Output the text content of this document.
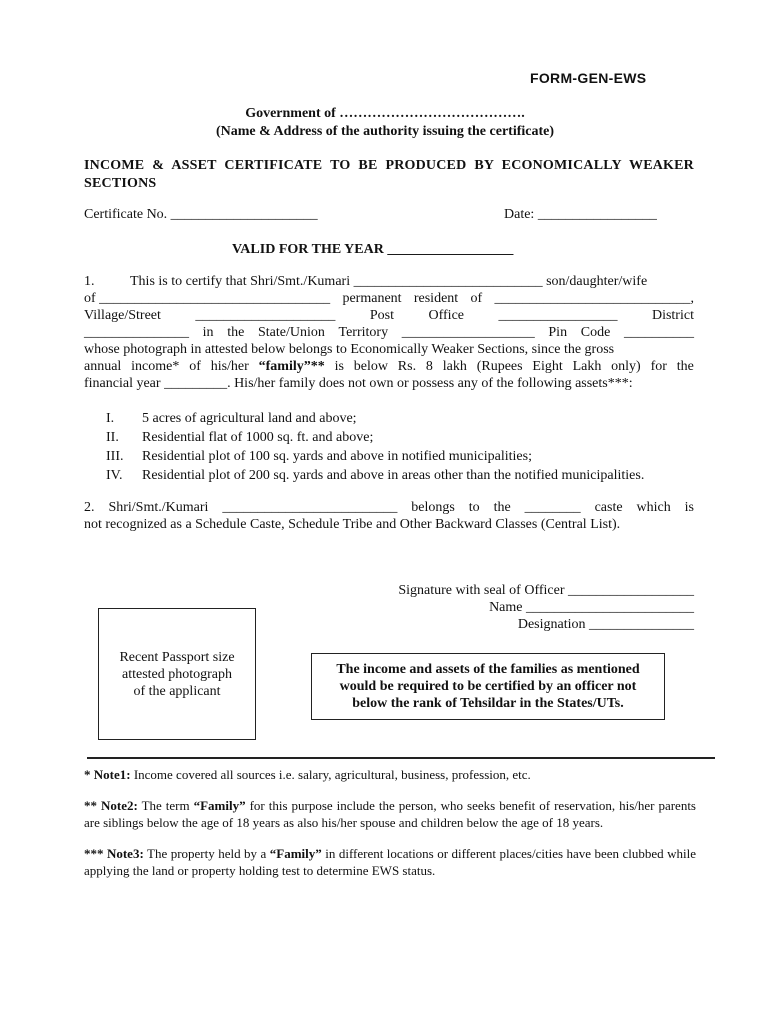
FORM-GEN-EWS
Government of ………………………………….
(Name & Address of the authority issuing the certificate)
INCOME & ASSET CERTIFICATE TO BE PRODUCED BY ECONOMICALLY WEAKER SECTIONS
Certificate No. _____________________	Date: _________________
VALID FOR THE YEAR __________________
1.	This is to certify that Shri/Smt./Kumari ___________________________ son/daughter/wife
of _________________________________ permanent resident of ____________________________,
Village/Street ____________________ Post Office _________________ District
_______________ in the State/Union Territory ___________________ Pin Code __________
whose photograph in attested below belongs to Economically Weaker Sections, since the gross
annual income* of his/her “family”** is below Rs. 8 lakh (Rupees Eight Lakh only) for the
financial year _________. His/her family does not own or possess any of the following assets***:
I.	5 acres of agricultural land and above;
II.	Residential flat of 1000 sq. ft. and above;
III.	Residential plot of 100 sq. yards and above in notified municipalities;
IV.	Residential plot of 200 sq. yards and above in areas other than the notified municipalities.
2. Shri/Smt./Kumari _________________________ belongs to the ________ caste which is
not recognized as a Schedule Caste, Schedule Tribe and Other Backward Classes (Central List).
Signature with seal of Officer __________________
Name ________________________
Designation _______________
Recent Passport size
attested photograph
of the applicant
The income and assets of the families as mentioned
would be required to be certified by an officer not
below the rank of Tehsildar in the States/UTs.
* Note1: Income covered all sources i.e. salary, agricultural, business, profession, etc.
** Note2: The term “Family” for this purpose include the person, who seeks benefit of reservation, his/her parents are siblings below the age of 18 years as also his/her spouse and children below the age of 18 years.
*** Note3: The property held by a “Family” in different locations or different places/cities have been clubbed while applying the land or property holding test to determine EWS status.
